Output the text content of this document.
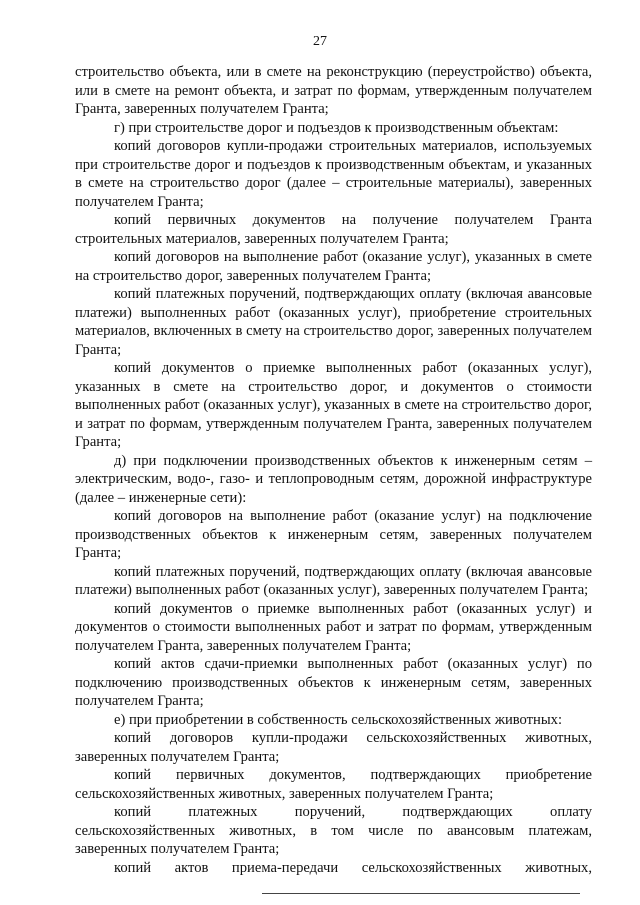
27

строительство объекта, или в смете на реконструкцию (переустройство) объекта, или в смете на ремонт объекта, и затрат по формам, утвержденным получателем Гранта, заверенных получателем Гранта;

г) при строительстве дорог и подъездов к производственным объектам:

копий договоров купли-продажи строительных материалов, используемых при строительстве дорог и подъездов к производственным объектам, и указанных в смете на строительство дорог (далее – строительные материалы), заверенных получателем Гранта;

копий первичных документов на получение получателем Гранта строительных материалов, заверенных получателем Гранта;

копий договоров на выполнение работ (оказание услуг), указанных в смете на строительство дорог, заверенных получателем Гранта;

копий платежных поручений, подтверждающих оплату (включая авансовые платежи) выполненных работ (оказанных услуг), приобретение строительных материалов, включенных в смету на строительство дорог, заверенных получателем Гранта;

копий документов о приемке выполненных работ (оказанных услуг), указанных в смете на строительство дорог, и документов о стоимости выполненных работ (оказанных услуг), указанных в смете на строительство дорог, и затрат по формам, утвержденным получателем Гранта, заверенных получателем Гранта;

д) при подключении производственных объектов к инженерным сетям – электрическим, водо-, газо- и теплопроводным сетям, дорожной инфраструктуре (далее – инженерные сети):

копий договоров на выполнение работ (оказание услуг) на подключение производственных объектов к инженерным сетям, заверенных получателем Гранта;

копий платежных поручений, подтверждающих оплату (включая авансовые платежи) выполненных работ (оказанных услуг), заверенных получателем Гранта;

копий документов о приемке выполненных работ (оказанных услуг) и документов о стоимости выполненных работ и затрат по формам, утвержденным получателем Гранта, заверенных получателем Гранта;

копий актов сдачи-приемки выполненных работ (оказанных услуг) по подключению производственных объектов к инженерным сетям, заверенных получателем Гранта;

е) при приобретении в собственность сельскохозяйственных животных:

копий договоров купли-продажи сельскохозяйственных животных, заверенных получателем Гранта;

копий первичных документов, подтверждающих приобретение сельскохозяйственных животных, заверенных получателем Гранта;

копий платежных поручений, подтверждающих оплату сельскохозяйственных животных, в том числе по авансовым платежам, заверенных получателем Гранта;

копий актов приема-передачи сельскохозяйственных животных,
